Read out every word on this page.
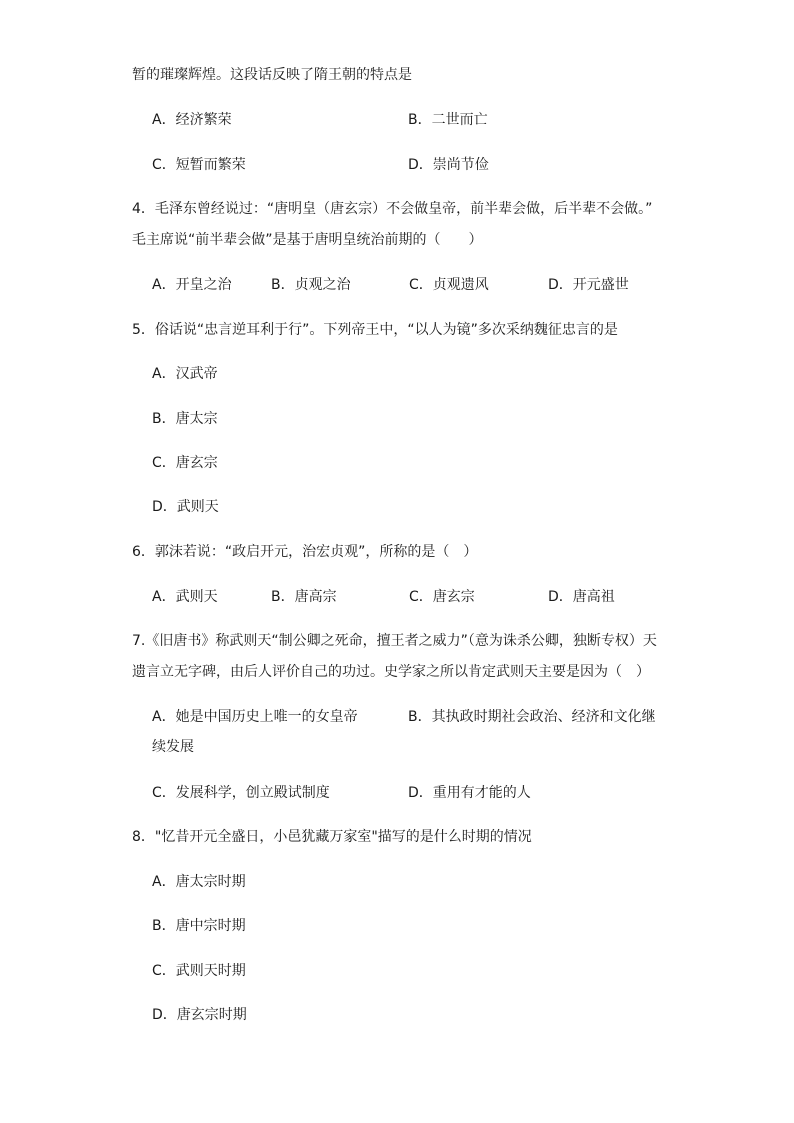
暂的璀璨辉煌。这段话反映了隋王朝的特点是
A．经济繁荣	B．二世而亡
C．短暂而繁荣	D．崇尚节俭
4．毛泽东曾经说过：“唐明皇（唐玄宗）不会做皇帝，前半辈会做，后半辈不会做。”
毛主席说“前半辈会做”是基于唐明皇统治前期的（　　）
A．开皇之治	B．贞观之治	C．贞观遗风	D．开元盛世
5．俗话说“忠言逆耳利于行”。下列帝王中，“以人为镜”多次采纳魏征忠言的是
A．汉武帝
B．唐太宗
C．唐玄宗
D．武则天
6．郭沫若说：“政启开元，治宏贞观”，所称的是（　）
A．武则天	B．唐高宗	C．唐玄宗	D．唐高祖
7.《旧唐书》称武则天“制公卿之死命，擅王者之威力”（意为诛杀公卿，独断专权）天
遗言立无字碑，由后人评价自己的功过。史学家之所以肯定武则天主要是因为（　）
A．她是中国历史上唯一的女皇帝	B．其执政时期社会政治、经济和文化继
续发展
C．发展科学，创立殿试制度	D．重用有才能的人
8．"忆昔开元全盛日，小邑犹藏万家室"描写的是什么时期的情况
A．唐太宗时期
B．唐中宗时期
C．武则天时期
D．唐玄宗时期
